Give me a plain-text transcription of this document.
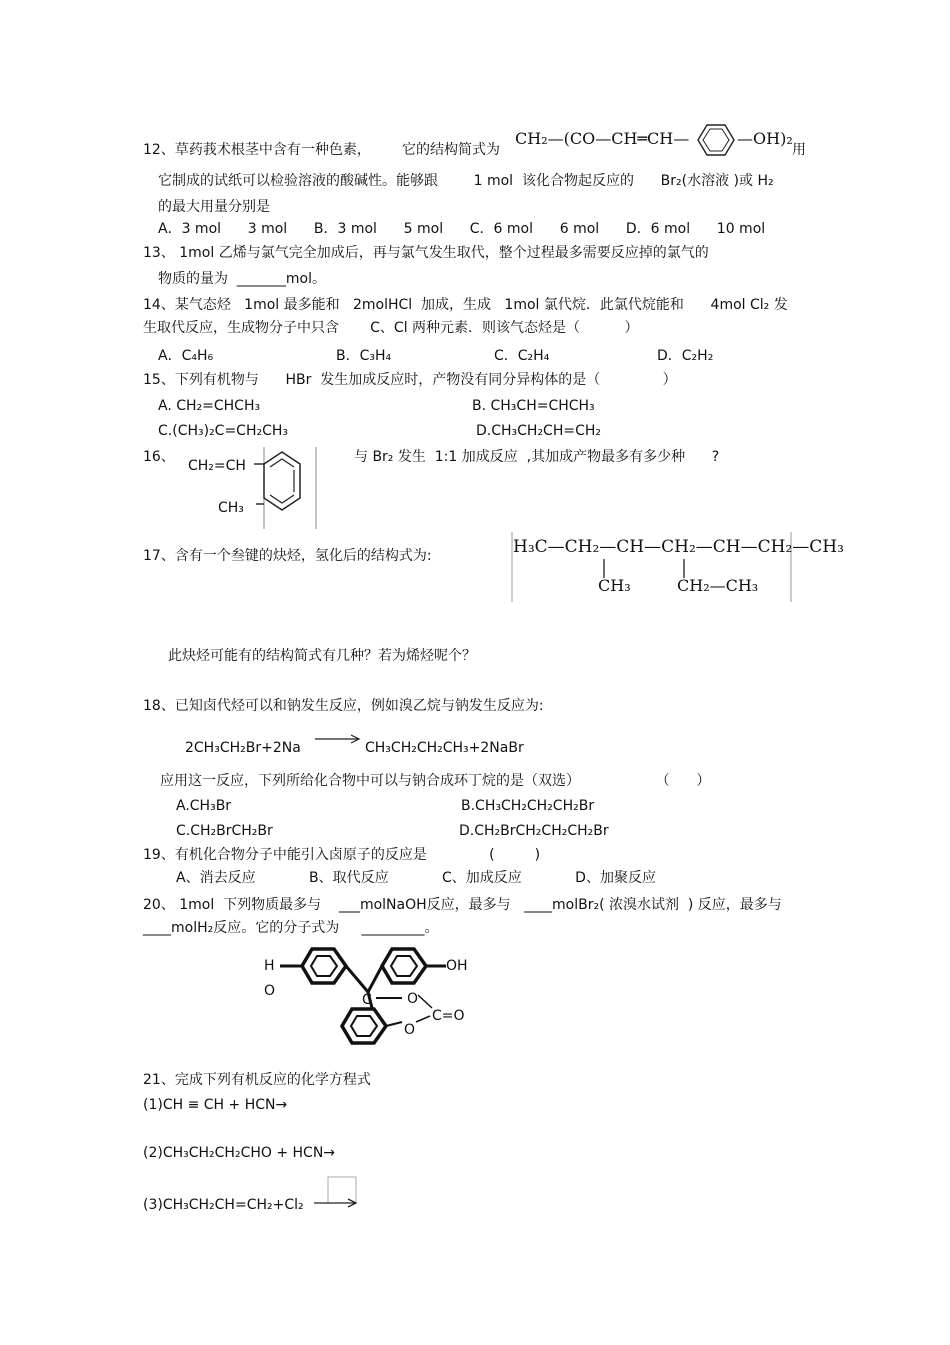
12、草药莪术根茎中含有一种色素， 它的结构简式为
CH₂—(CO—CH═CH—	—OH)₂
用
它制成的试纸可以检验溶液的酸碱性。能够跟        1 mol  该化合物起反应的      Br₂(水溶液 )或 H₂
的最大用量分别是
A．3 mol      3 mol      B．3 mol      5 mol      C．6 mol      6 mol      D．6 mol      10 mol
13、 1mol 乙烯与氯气完全加成后，再与氯气发生取代，整个过程最多需要反应掉的氯气的
物质的量为  _______mol。
14、某气态烃   1mol 最多能和   2molHCl  加成，生成   1mol 氯代烷．此氯代烷能和      4mol Cl₂ 发
生取代反应，生成物分子中只含       C、Cl 两种元素．则该气态烃是（          ）
A．C₄H₆	B．C₃H₄	C．C₂H₄	D．C₂H₂
15、下列有机物与      HBr  发生加成反应时，产物没有同分异构体的是（              ）
A. CH₂=CHCH₃	B. CH₃CH=CHCH₃
C.(CH₃)₂C=CH₂CH₃	D.CH₃CH₂CH=CH₂
16、
CH₂=CH
CH₃
与 Br₂ 发生  1:1 加成反应  ,其加成产物最多有多少种      ?
17、含有一个叁键的炔烃，氢化后的结构式为:	H₃C—CH₂—CH—CH₂—CH—CH₂—CH₃
CH₃	CH₂—CH₃
此炔烃可能有的结构简式有几种？若为烯烃呢个？
18、已知卤代烃可以和钠发生反应，例如溴乙烷与钠发生反应为:
2CH₃CH₂Br+2Na	CH₃CH₂CH₂CH₃+2NaBr
应用这一反应，下列所给化合物中可以与钠合成环丁烷的是（双选）                 （      ）
A.CH₃Br	B.CH₃CH₂CH₂CH₂Br
C.CH₂BrCH₂Br	D.CH₂BrCH₂CH₂CH₂Br
19、有机化合物分子中能引入卤原子的反应是              (         )
A、消去反应            B、取代反应            C、加成反应            D、加聚反应
20、 1mol  下列物质最多与    ___molNaOH反应，最多与   ____molBr₂( 浓溴水试剂  ) 反应，最多与
____molH₂反应。它的分子式为     _________。
H
O
OH
C	O
O
C=O
21、完成下列有机反应的化学方程式
(1)CH ≡ CH + HCN→
(2)CH₃CH₂CH₂CHO + HCN→
(3)CH₃CH₂CH=CH₂+Cl₂
